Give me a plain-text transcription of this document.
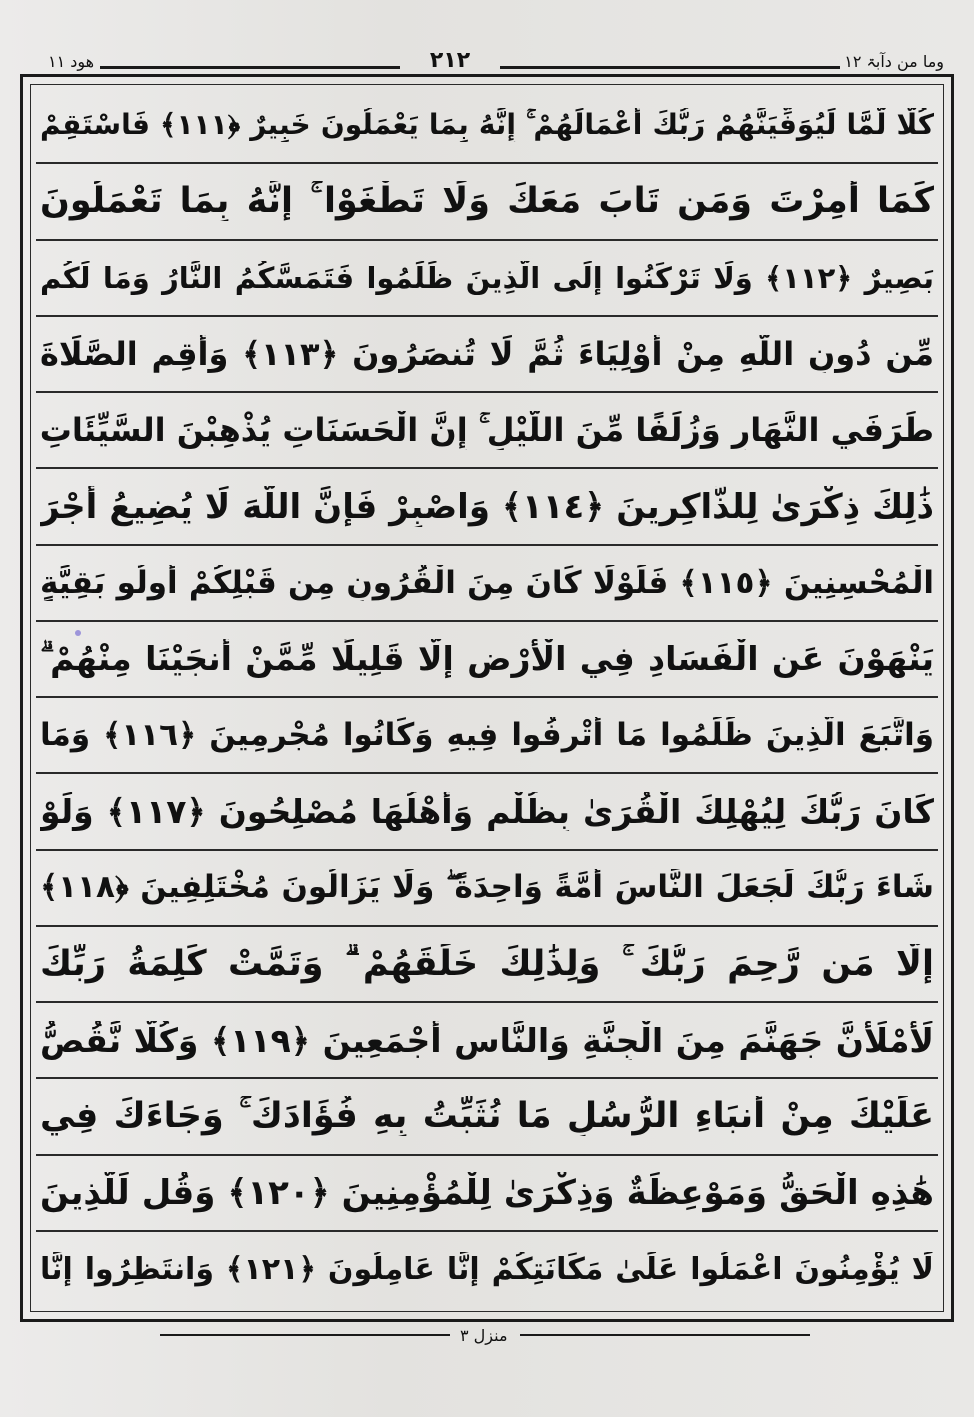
هود ١١	٢١٢	وما من دآبۃ ١٢
كُلًّا لَّمَّا لَيُوَفِّيَنَّهُمْ رَبُّكَ أَعْمَالَهُمْ ۚ إِنَّهُ بِمَا يَعْمَلُونَ خَبِيرٌ ﴿١١١﴾ فَاسْتَقِمْ
كَمَا أُمِرْتَ وَمَن تَابَ مَعَكَ وَلَا تَطْغَوْا ۚ إِنَّهُ بِمَا تَعْمَلُونَ
بَصِيرٌ ﴿١١٢﴾ وَلَا تَرْكَنُوا إِلَى الَّذِينَ ظَلَمُوا فَتَمَسَّكُمُ النَّارُ وَمَا لَكُم
مِّن دُونِ اللَّهِ مِنْ أَوْلِيَاءَ ثُمَّ لَا تُنصَرُونَ ﴿١١٣﴾ وَأَقِمِ الصَّلَاةَ
طَرَفَيِ النَّهَارِ وَزُلَفًا مِّنَ اللَّيْلِ ۚ إِنَّ الْحَسَنَاتِ يُذْهِبْنَ السَّيِّئَاتِ
ذَٰلِكَ ذِكْرَىٰ لِلذَّاكِرِينَ ﴿١١٤﴾ وَاصْبِرْ فَإِنَّ اللَّهَ لَا يُضِيعُ أَجْرَ
الْمُحْسِنِينَ ﴿١١٥﴾ فَلَوْلَا كَانَ مِنَ الْقُرُونِ مِن قَبْلِكُمْ أُولُو بَقِيَّةٍ
يَنْهَوْنَ عَنِ الْفَسَادِ فِي الْأَرْضِ إِلَّا قَلِيلًا مِّمَّنْ أَنجَيْنَا مِنْهُمْ ۗ
وَاتَّبَعَ الَّذِينَ ظَلَمُوا مَا أُتْرِفُوا فِيهِ وَكَانُوا مُجْرِمِينَ ﴿١١٦﴾ وَمَا
كَانَ رَبُّكَ لِيُهْلِكَ الْقُرَىٰ بِظُلْمٍ وَأَهْلُهَا مُصْلِحُونَ ﴿١١٧﴾ وَلَوْ
شَاءَ رَبُّكَ لَجَعَلَ النَّاسَ أُمَّةً وَاحِدَةً ۖ وَلَا يَزَالُونَ مُخْتَلِفِينَ ﴿١١٨﴾
إِلَّا مَن رَّحِمَ رَبُّكَ ۚ وَلِذَٰلِكَ خَلَقَهُمْ ۗ وَتَمَّتْ كَلِمَةُ رَبِّكَ
لَأَمْلَأَنَّ جَهَنَّمَ مِنَ الْجِنَّةِ وَالنَّاسِ أَجْمَعِينَ ﴿١١٩﴾ وَكُلًّا نَّقُصُّ
عَلَيْكَ مِنْ أَنبَاءِ الرُّسُلِ مَا نُثَبِّتُ بِهِ فُؤَادَكَ ۚ وَجَاءَكَ فِي
هَٰذِهِ الْحَقُّ وَمَوْعِظَةٌ وَذِكْرَىٰ لِلْمُؤْمِنِينَ ﴿١٢٠﴾ وَقُل لِّلَّذِينَ
لَا يُؤْمِنُونَ اعْمَلُوا عَلَىٰ مَكَانَتِكُمْ إِنَّا عَامِلُونَ ﴿١٢١﴾ وَانتَظِرُوا إِنَّا
منزل ٣
